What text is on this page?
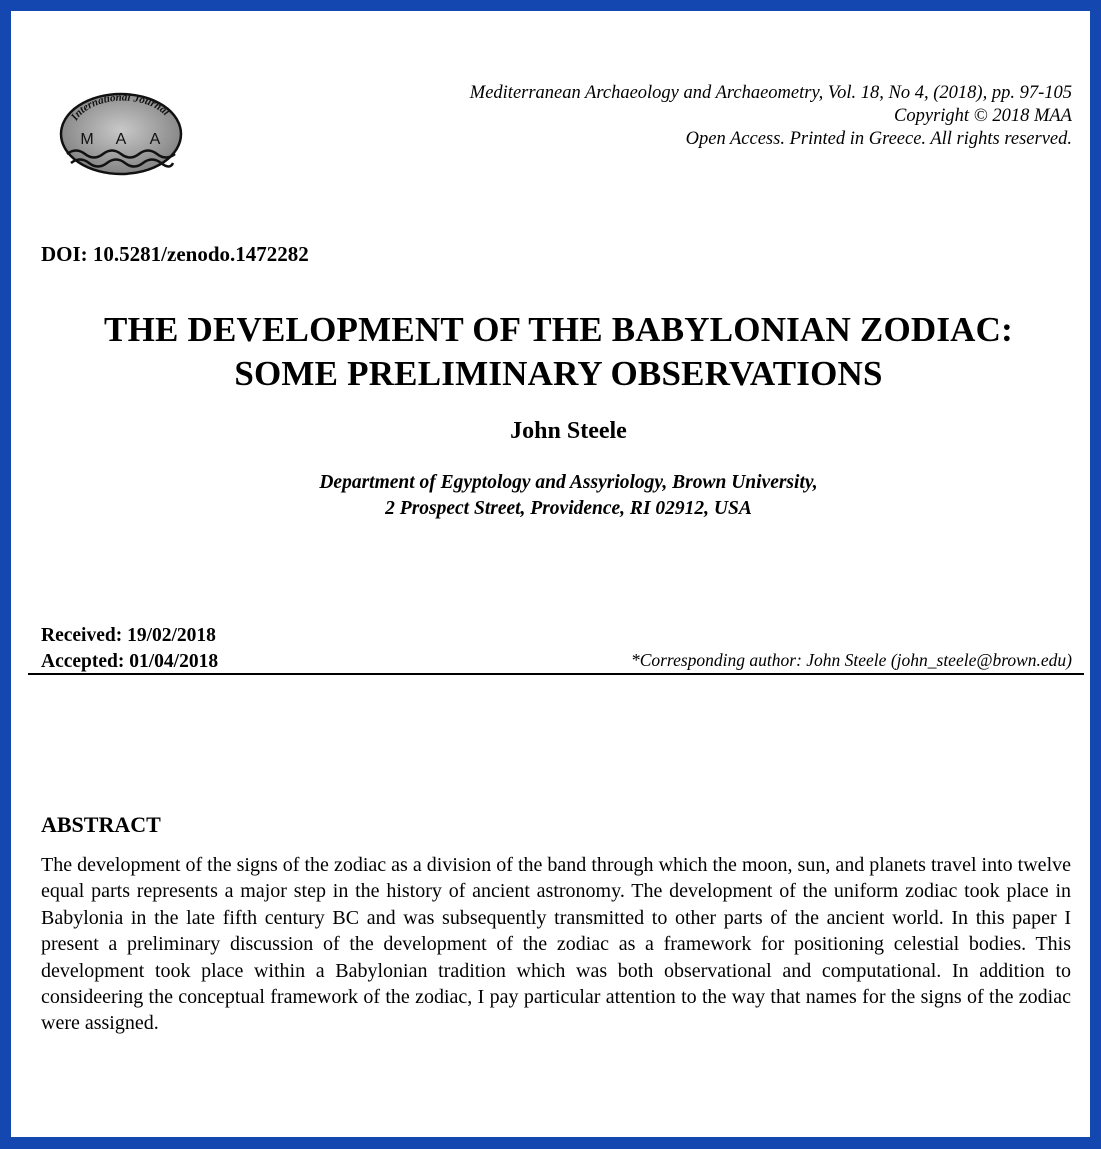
International Journal
M A A
Mediterranean Archaeology and Archaeometry, Vol. 18, No 4, (2018), pp. 97-105
Copyright © 2018 MAA
Open Access. Printed in Greece. All rights reserved.
DOI: 10.5281/zenodo.1472282
THE DEVELOPMENT OF THE BABYLONIAN ZODIAC:
SOME PRELIMINARY OBSERVATIONS
John Steele
Department of Egyptology and Assyriology, Brown University,
2 Prospect Street, Providence, RI 02912, USA
Received: 19/02/2018
Accepted: 01/04/2018	*Corresponding author: John Steele (john_steele@brown.edu)
ABSTRACT
The development of the signs of the zodiac as a division of the band through which the moon, sun, and planets travel into twelve equal parts represents a major step in the history of ancient astronomy. The development of the uniform zodiac took place in Babylonia in the late fifth century BC and was subsequently transmitted to other parts of the ancient world. In this paper I present a preliminary discussion of the development of the zodiac as a framework for positioning celestial bodies. This development took place within a Babylonian tradition which was both observational and computational. In addition to consideering the conceptual framework of the zodiac, I pay particular attention to the way that names for the signs of the zodiac were assigned.
